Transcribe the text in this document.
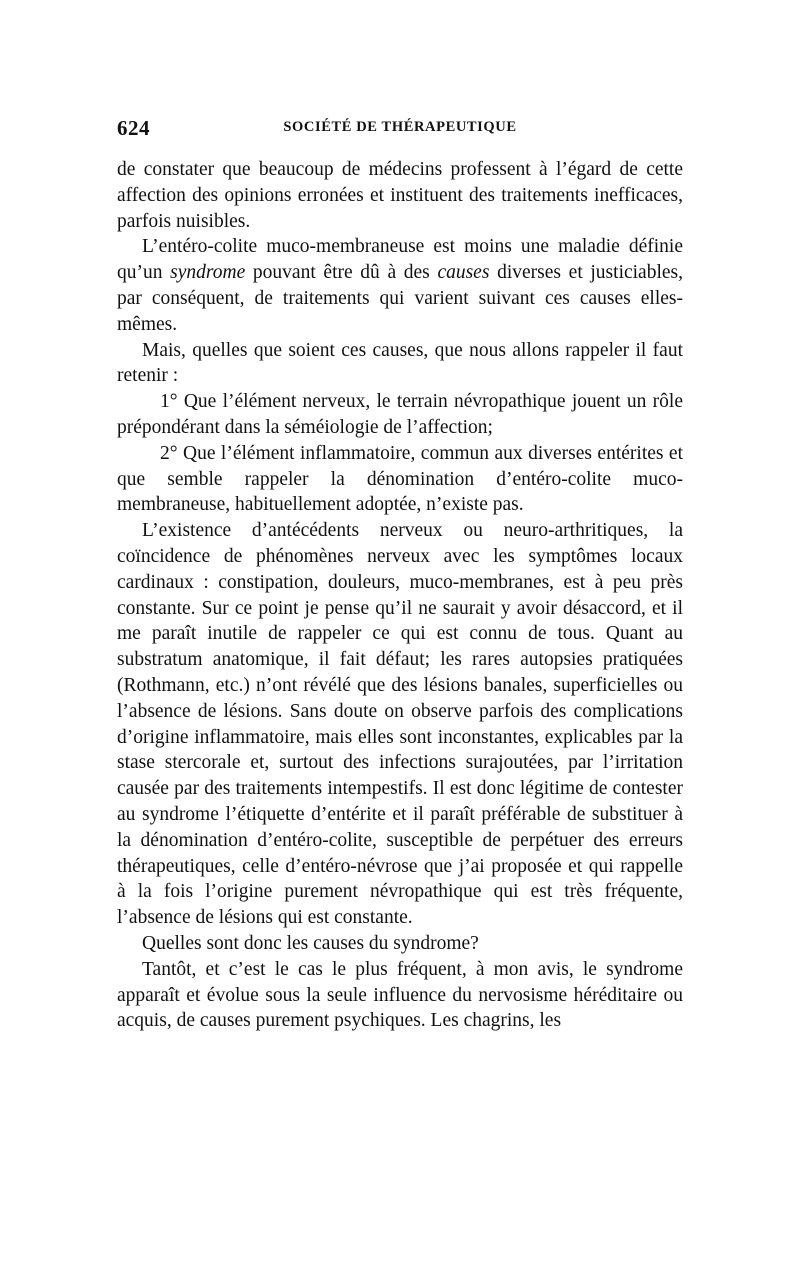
624	SOCIÉTÉ DE THÉRAPEUTIQUE

de constater que beaucoup de médecins professent à l’égard de cette affection des opinions erronées et instituent des traitements inefficaces, parfois nuisibles.

L’entéro-colite muco-membraneuse est moins une maladie définie qu’un syndrome pouvant être dû à des causes diverses et justiciables, par conséquent, de traitements qui varient suivant ces causes elles-mêmes.

Mais, quelles que soient ces causes, que nous allons rappeler il faut retenir :

1° Que l’élément nerveux, le terrain névropathique jouent un rôle prépondérant dans la séméiologie de l’affection;

2° Que l’élément inflammatoire, commun aux diverses entérites et que semble rappeler la dénomination d’entéro-colite muco-membraneuse, habituellement adoptée, n’existe pas.

L’existence d’antécédents nerveux ou neuro-arthritiques, la coïncidence de phénomènes nerveux avec les symptômes locaux cardinaux : constipation, douleurs, muco-membranes, est à peu près constante. Sur ce point je pense qu’il ne saurait y avoir désaccord, et il me paraît inutile de rappeler ce qui est connu de tous. Quant au substratum anatomique, il fait défaut; les rares autopsies pratiquées (Rothmann, etc.) n’ont révélé que des lésions banales, superficielles ou l’absence de lésions. Sans doute on observe parfois des complications d’origine inflammatoire, mais elles sont inconstantes, explicables par la stase stercorale et, surtout des infections surajoutées, par l’irritation causée par des traitements intempestifs. Il est donc légitime de contester au syndrome l’étiquette d’entérite et il paraît préférable de substituer à la dénomination d’entéro-colite, susceptible de perpétuer des erreurs thérapeutiques, celle d’entéro-névrose que j’ai proposée et qui rappelle à la fois l’origine purement névropathique qui est très fréquente, l’absence de lésions qui est constante.

Quelles sont donc les causes du syndrome?

Tantôt, et c’est le cas le plus fréquent, à mon avis, le syndrome apparaît et évolue sous la seule influence du nervosisme héréditaire ou acquis, de causes purement psychiques. Les chagrins, les
